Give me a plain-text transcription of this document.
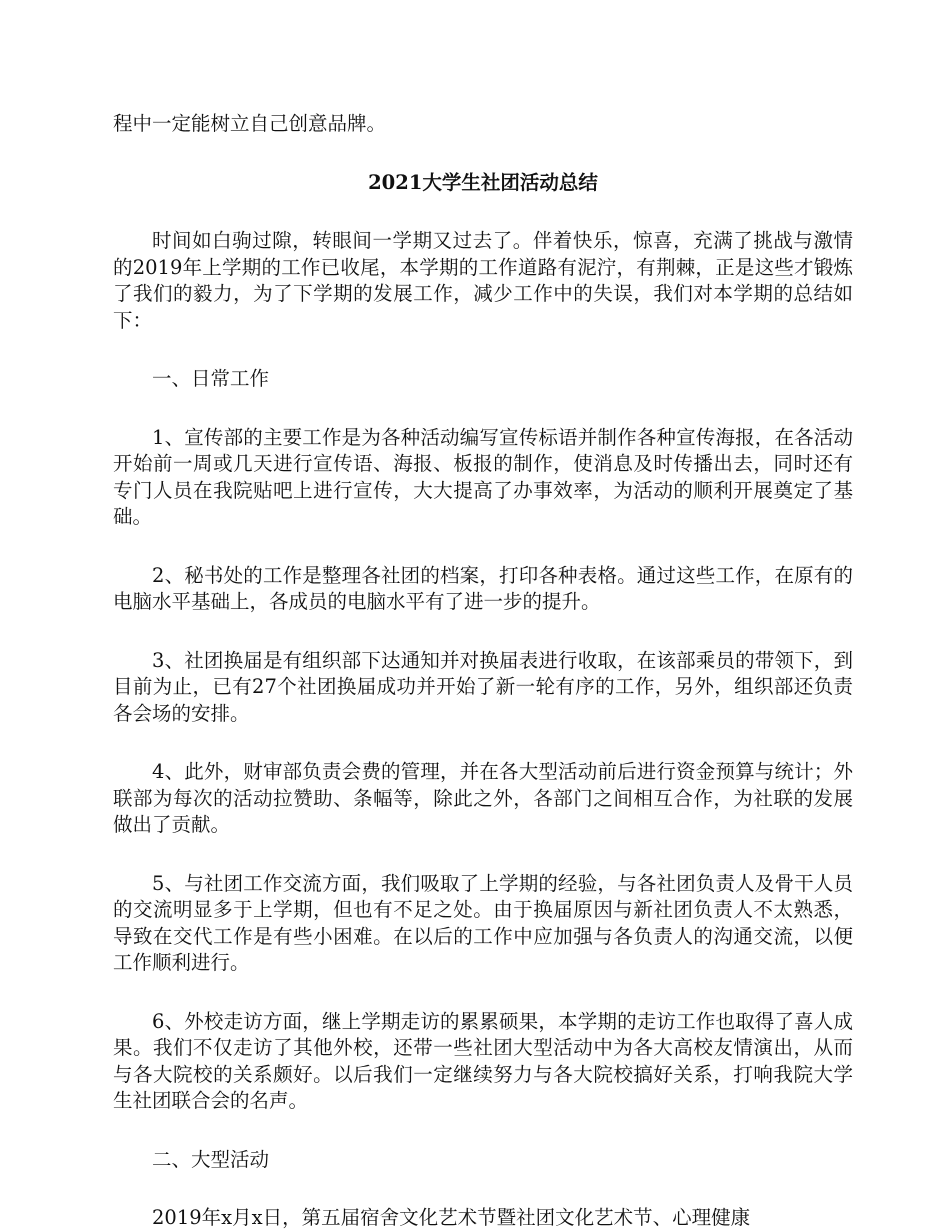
程中一定能树立自己创意品牌。

2021大学生社团活动总结

时间如白驹过隙，转眼间一学期又过去了。伴着快乐，惊喜，充满了挑战与激情的2019年上学期的工作已收尾，本学期的工作道路有泥泞，有荆棘，正是这些才锻炼了我们的毅力，为了下学期的发展工作，减少工作中的失误，我们对本学期的总结如下：

一、日常工作

1、宣传部的主要工作是为各种活动编写宣传标语并制作各种宣传海报，在各活动开始前一周或几天进行宣传语、海报、板报的制作，使消息及时传播出去，同时还有专门人员在我院贴吧上进行宣传，大大提高了办事效率，为活动的顺利开展奠定了基础。

2、秘书处的工作是整理各社团的档案，打印各种表格。通过这些工作，在原有的电脑水平基础上，各成员的电脑水平有了进一步的提升。

3、社团换届是有组织部下达通知并对换届表进行收取，在该部乘员的带领下，到目前为止，已有27个社团换届成功并开始了新一轮有序的工作，另外，组织部还负责各会场的安排。

4、此外，财审部负责会费的管理，并在各大型活动前后进行资金预算与统计；外联部为每次的活动拉赞助、条幅等，除此之外，各部门之间相互合作，为社联的发展做出了贡献。

5、与社团工作交流方面，我们吸取了上学期的经验，与各社团负责人及骨干人员的交流明显多于上学期，但也有不足之处。由于换届原因与新社团负责人不太熟悉，导致在交代工作是有些小困难。在以后的工作中应加强与各负责人的沟通交流，以便工作顺利进行。

6、外校走访方面，继上学期走访的累累硕果，本学期的走访工作也取得了喜人成果。我们不仅走访了其他外校，还带一些社团大型活动中为各大高校友情演出，从而与各大院校的关系颇好。以后我们一定继续努力与各大院校搞好关系，打响我院大学生社团联合会的名声。

二、大型活动

2019年x月x日，第五届宿舍文化艺术节暨社团文化艺术节、心理健康
